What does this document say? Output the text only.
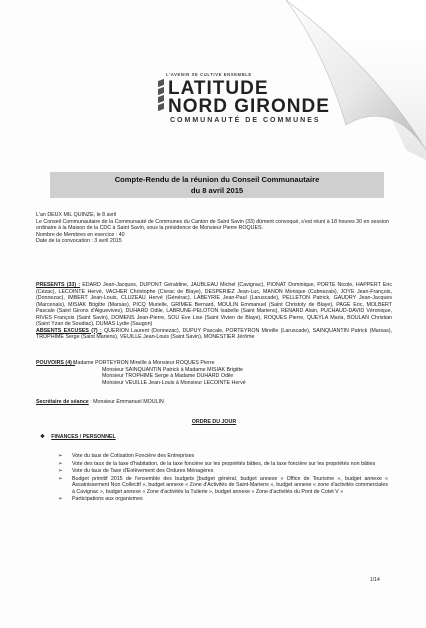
L'AVENIR SE CULTIVE ENSEMBLE
LATITUDE
NORD GIRONDE
COMMUNAUTÉ DE COMMUNES
Compte-Rendu de la réunion du Conseil Communautaire
du 8 avril 2015
L'an DEUX MIL QUINZE, le 8 avril
Le Conseil Communautaire de la Communauté de Communes du Canton de Saint Savin (33) dûment convoqué, s'est réuni à 18 heures 30 en session ordinaire à la Maison de la CDC à Saint Savin, sous la présidence de Monsieur Pierre ROQUES.
Nombre de Membres en exercice : 40
Date de la convocation : 3 avril 2015
PRESENTS (33) : EDARD Jean-Jacques, DUPONT Géraldine, JAUBLEAU Michel (Cavignac), PIONAT Dominique, PORTE Nicole, HAPPERT Eric (Cézac), LECOINTE Hervé, VACHER Christophe (Civrac de Blaye), DESPERIEZ Jean-Luc, MANON Monique (Cubnezais), JOYE Jean-François, (Donnezac), IMBERT Jean-Louis, CLUZEAU Hervé (Générac), LABEYRIE Jean-Paul (Laruscade), PELLETON Patrick, GAUDRY Jean-Jacques (Marcenais), MISIAK Brigitte (Marsas), PICQ Murielle, GRIMEE Bernard, MOULIN Emmanuel (Saint Christoly de Blaye), PAGE Eric, MOLBERT Pascale (Saint Girons d'Aiguevives), DUHARD Odile, LABRUNE-PELOTON Isabelle (Saint Mariens), RENARD Alain, PUCHAUD-DAVID Véronique, RIVES François (Saint Savin), DOMENS Jean-Pierre, SOU Eve Lise (Saint Vivien de Blaye), ROQUES Pierre, QUEYLA Maria, BOULAN Christian (Saint Yzan de Soudiac), DUMAS Lydie (Saugon)
ABSENTS EXCUSES (7) : QUERION Laurent (Donnezac), DUPUY Pascale, PORTEYRON Mireille (Laruscade), SAINQUANTIN Patrick (Marsas), TROPHIME Serge (Saint Mariens), VEUILLE Jean-Louis (Saint Savin), MONESTIER Jérôme
POUVOIRS (4) :
Madame PORTEYRON Mireille à Monsieur ROQUES Pierre
Monsieur SAINQUANTIN Patrick à Madame MISIAK Brigitte
Monsieur TROPHIME Serge à Madame DUHARD Odile
Monsieur VEUILLE Jean-Louis à Monsieur LECOINTE Hervé
Secrétaire de séance : Monsieur Emmanuel MOULIN
ORDRE DU JOUR
❖ FINANCES / PERSONNEL
➢ Vote du taux de Cotisation Foncière des Entreprises
➢ Vote des taux de la taxe d'habitation, de la taxe foncière sur les propriétés bâties, de la taxe foncière sur les propriétés non bâties
➢ Vote du taux de Taxe d'Enlèvement des Ordures Ménagères
➢ Budget primitif 2015 de l'ensemble des budgets [budget général, budget annexe « Office de Tourisme », budget annexe « Assainissement Non Collectif », budget annexe « Zone d'Activités de Saint-Mariens », budget annexe « zone d'activités commerciales à Cavignac », budget annexe « Zone d'activités la Tuilerie », budget annexe « Zone d'activités du Pont de Cotet V »
➢ Participations aux organismes
1/14
